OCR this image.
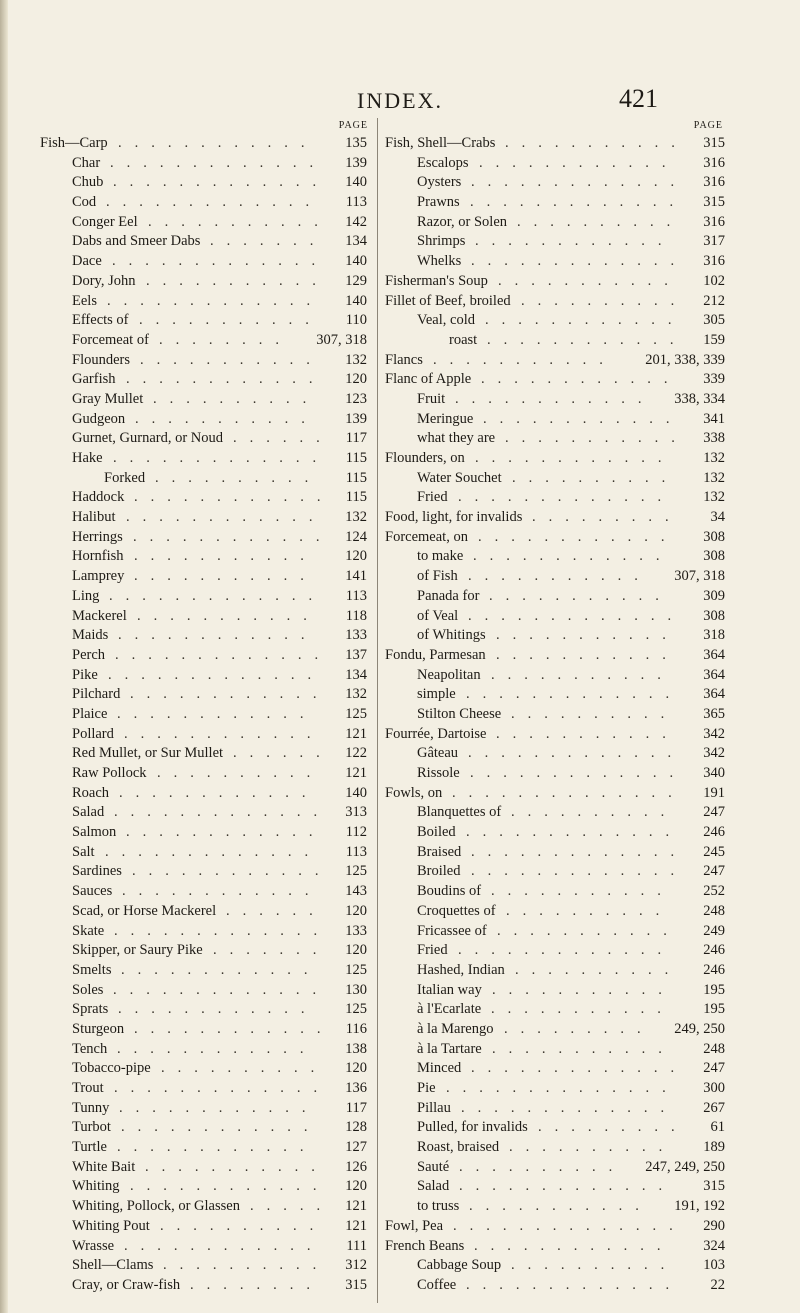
INDEX.	421
PAGE
Fish—Carp ............ 135
Char ............. 139
Chub ............. 140
Cod ............. 113
Conger Eel ........... 142
Dabs and Smeer Dabs ....... 134
Dace ............. 140
Dory, John ........... 129
Eels ............. 140
Effects of ........... 110
Forcemeat of ........ 307, 318
Flounders ........... 132
Garfish ............ 120
Gray Mullet .......... 123
Gudgeon ........... 139
Gurnet, Gurnard, or Noud ...... 117
Hake ............. 115
Forked .......... 115
Haddock ............ 115
Halibut ............ 132
Herrings ............ 124
Hornfish ........... 120
Lamprey ........... 141
Ling ............. 113
Mackerel ........... 118
Maids ............ 133
Perch ............. 137
Pike ............. 134
Pilchard ............ 132
Plaice ............ 125
Pollard ............ 121
Red Mullet, or Sur Mullet ...... 122
Raw Pollock .......... 121
Roach ............ 140
Salad ............. 313
Salmon ............ 112
Salt ............. 113
Sardines ............ 125
Sauces ............ 143
Scad, or Horse Mackerel ...... 120
Skate ............. 133
Skipper, or Saury Pike ....... 120
Smelts ............ 125
Soles ............. 130
Sprats ............ 125
Sturgeon ............ 116
Tench ............ 138
Tobacco-pipe .......... 120
Trout ............. 136
Tunny ............ 117
Turbot ............ 128
Turtle ............ 127
White Bait ........... 126
Whiting ............ 120
Whiting, Pollock, or Glassen ..... 121
Whiting Pout .......... 121
Wrasse ............ 111
Shell—Clams .......... 312
Cray, or Craw-fish ........ 315
PAGE
Fish, Shell—Crabs ........... 315
Escalops ............ 316
Oysters ............. 316
Prawns ............. 315
Razor, or Solen .......... 316
Shrimps ............ 317
Whelks ............. 316
Fisherman's Soup ........... 102
Fillet of Beef, broiled .......... 212
Veal, cold ............ 305
roast ............ 159
Flancs ........... 201, 338, 339
Flanc of Apple ............ 339
Fruit ............ 338, 334
Meringue ............ 341
what they are ........... 338
Flounders, on ............ 132
Water Souchet .......... 132
Fried ............. 132
Food, light, for invalids ......... 34
Forcemeat, on ............ 308
to make ............ 308
of Fish ........... 307, 318
Panada for ........... 309
of Veal ............. 308
of Whitings ........... 318
Fondu, Parmesan ........... 364
Neapolitan ........... 364
simple ............. 364
Stilton Cheese .......... 365
Fourrée, Dartoise ........... 342
Gâteau ............. 342
Rissole ............. 340
Fowls, on .............. 191
Blanquettes of .......... 247
Boiled ............. 246
Braised ............. 245
Broiled ............. 247
Boudins of ........... 252
Croquettes of .......... 248
Fricassee of ........... 249
Fried ............. 246
Hashed, Indian .......... 246
Italian way ........... 195
à l'Ecarlate ........... 195
à la Marengo ......... 249, 250
à la Tartare ........... 248
Minced ............. 247
Pie .............. 300
Pillau ............. 267
Pulled, for invalids ......... 61
Roast, braised .......... 189
Sauté .......... 247, 249, 250
Salad ............. 315
to truss ........... 191, 192
Fowl, Pea .............. 290
French Beans ............ 324
Cabbage Soup .......... 103
Coffee ............. 22
